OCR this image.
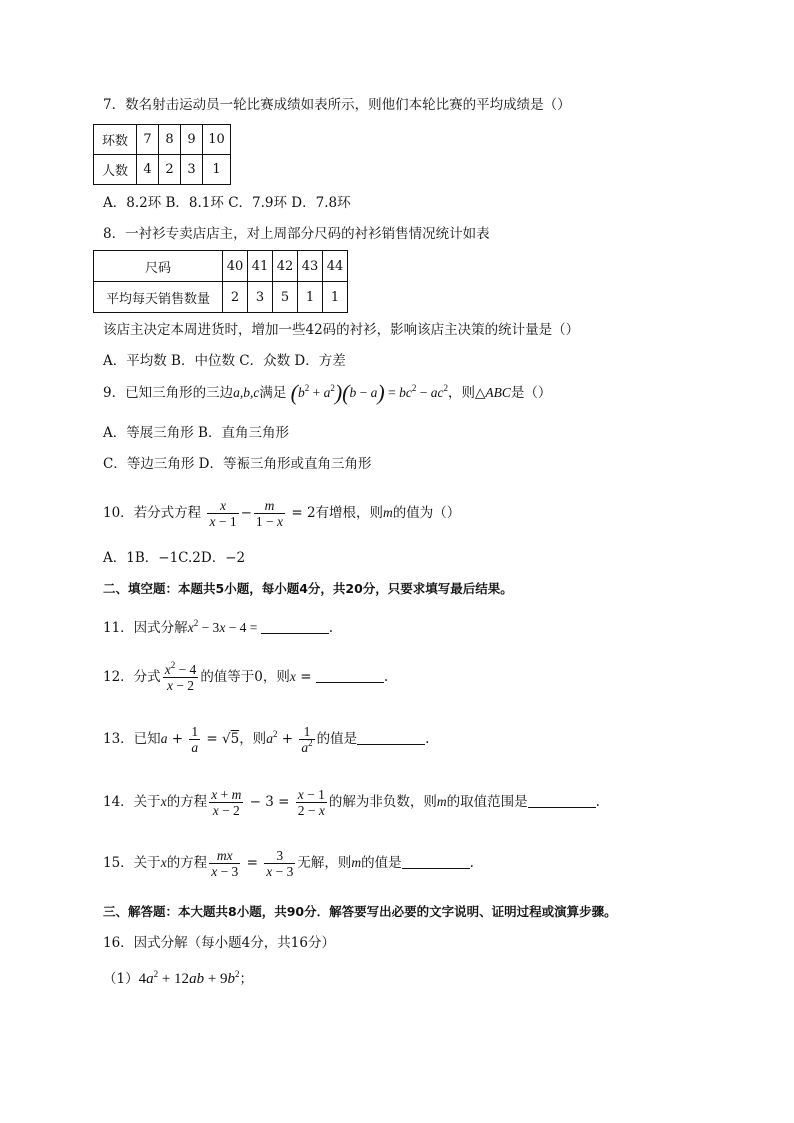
7．数名射击运动员一轮比赛成绩如表所示，则他们本轮比赛的平均成绩是（）
环数	7	8	9	10
人数	4	2	3	1
A．8.2环 B．8.1环 C．7.9环 D．7.8环
8．一衬衫专卖店店主，对上周部分尺码的衬衫销售情况统计如表
尺码	40	41	42	43	44
平均每天销售数量	2	3	5	1	1
该店主决定本周进货时，增加一些42码的衬衫，影响该店主决策的统计量是（）
A．平均数 B．中位数 C．众数 D．方差
9．已知三角形的三边a,b,c满足 $(b^2 + a^2)(b - a) = bc^2 - ac^2$，则△ABC是（）
A．等展三角形 B．直角三角形
C．等边三角形 D．等裖三角形或直角三角形
10．若分式方程 $\frac{x}{x - 1} - \frac{m}{1 - x} = 2$有增根，则m的值为（）
A．1B．−1C.2D．−2
二、填空题：本题共5小题，每小题4分，共20分，只要求填写最后结果。
11．因式分解$x^2 - 3x - 4$ =	.
12．分式 $\frac{x^2 - 4}{x - 2}$ 的值等于0，则x =	.
13．已知$a + \frac{1}{a} = √5$，则$a^2 + \frac{1}{a^2}$ 的值是	.
14．关于x的方程 $\frac{x + m}{x - 2} - 3 = \frac{x - 1}{2 - x}$ 的解为非负数，则m的取值范围是	.
15．关于x的方程 $\frac{mx}{x - 3} = \frac{3}{x - 3}$ 无解，则m的值是	.
三、解答题：本大题共8小题，共90分．解答要写出必要的文字说明、证明过程或演算步骤。
16．因式分解（每小题4分，共16分）
$(1)4a^2 + 12ab + 9b^2$；
